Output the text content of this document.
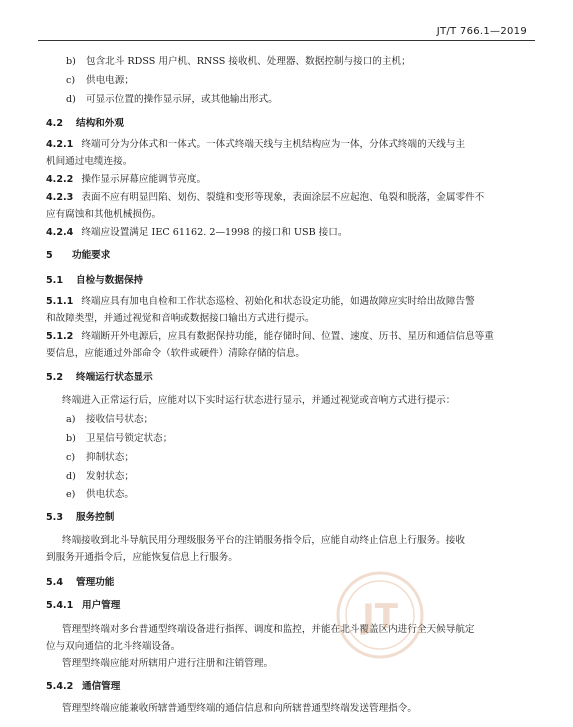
JT/T 766.1—2019
b) 包含北斗 RDSS 用户机、RNSS 接收机、处理器、数据控制与接口的主机；
c) 供电电源；
d) 可显示位置的操作显示屏，或其他输出形式。
4.2 结构和外观
4.2.1 终端可分为分体式和一体式。一体式终端天线与主机结构应为一体，分体式终端的天线与主
机间通过电缆连接。
4.2.2 操作显示屏幕应能调节亮度。
4.2.3 表面不应有明显凹陷、划伤、裂缝和变形等现象，表面涂层不应起泡、龟裂和脱落，金属零件不
应有腐蚀和其他机械损伤。
4.2.4 终端应设置满足 IEC 61162. 2—1998 的接口和 USB 接口。
5 功能要求
5.1 自检与数据保持
5.1.1 终端应具有加电自检和工作状态巡检、初始化和状态设定功能，如遇故障应实时给出故障告警
和故障类型，并通过视觉和音响或数据接口输出方式进行提示。
5.1.2 终端断开外电源后，应具有数据保持功能，能存储时间、位置、速度、历书、星历和通信信息等重
要信息，应能通过外部命令（软件或硬件）清除存储的信息。
5.2 终端运行状态显示
终端进入正常运行后，应能对以下实时运行状态进行显示，并通过视觉或音响方式进行提示：
a) 接收信号状态；
b) 卫星信号锁定状态；
c) 抑制状态；
d) 发射状态；
e) 供电状态。
5.3 服务控制
终端接收到北斗导航民用分理级服务平台的注销服务指令后，应能自动终止信息上行服务。接收
到服务开通指令后，应能恢复信息上行服务。
5.4 管理功能
5.4.1 用户管理
管理型终端对多台普通型终端设备进行指挥、调度和监控，并能在北斗覆盖区内进行全天候导航定
位与双向通信的北斗终端设备。
管理型终端应能对所辖用户进行注册和注销管理。
5.4.2 通信管理
管理型终端应能兼收所辖普通型终端的通信信息和向所辖普通型终端发送管理指令。
JT
